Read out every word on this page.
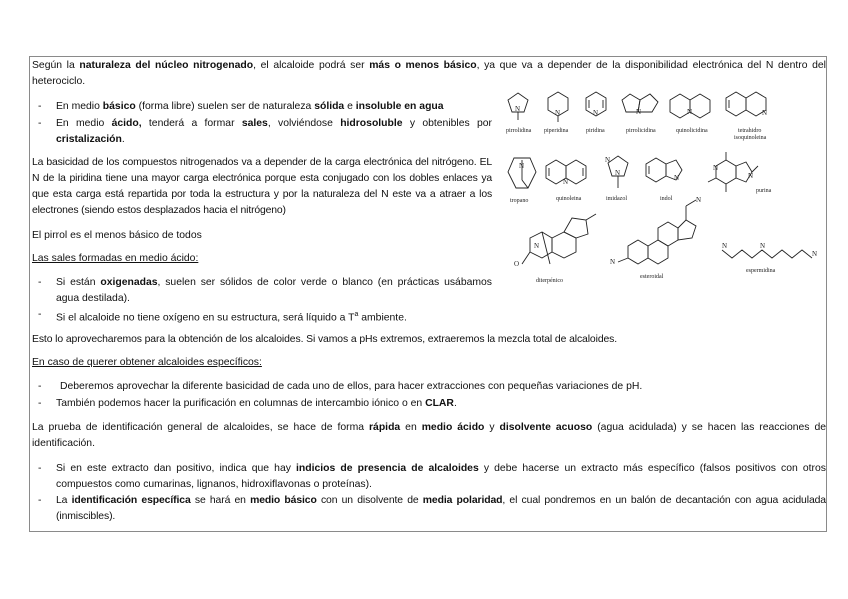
Según la naturaleza del núcleo nitrogenado, el alcaloide podrá ser más o menos básico, ya que va a depender de la disponibilidad electrónica del N dentro del heterociclo.

- En medio básico (forma libre) suelen ser de naturaleza sólida e insoluble en agua

- En medio ácido, tenderá a formar sales, volviéndose hidrosoluble y obtenibles por cristalización.

La basicidad de los compuestos nitrogenados va a depender de la carga electrónica del nitrógeno. EL N de la piridina tiene una mayor carga electrónica porque esta conjugado con los dobles enlaces ya que esta carga está repartida por toda la estructura y por la naturaleza del N este va a atraer a los electrones (siendo estos desplazados hacia el nitrógeno)

El pirrol es el menos básico de todos

Las sales formadas en medio ácido:

- Si están oxigenadas, suelen ser sólidos de color verde o blanco (en prácticas usábamos agua destilada).

- Si el alcaloide no tiene oxígeno en su estructura, será líquido a $T^a$ ambiente.

Esto lo aprovecharemos para la obtención de los alcaloides. Si vamos a pHs extremos, extraeremos la mezcla total de alcaloides.

En caso de querer obtener alcaloides específicos:

- Deberemos aprovechar la diferente basicidad de cada uno de ellos, para hacer extracciones con pequeñas variaciones de pH.

- También podemos hacer la purificación en columnas de intercambio iónico o en CLAR.

La prueba de identificación general de alcaloides, se hace de forma rápida en medio ácido y disolvente acuoso (agua acidulada) y se hacen las reacciones de identificación.

- Si en este extracto dan positivo, indica que hay indicios de presencia de alcaloides y debe hacerse un extracto más específico (falsos positivos con otros compuestos como cumarinas, lignanos, hidroxiflavonas o proteínas).

- La identificación específica se hará en medio básico con un disolvente de media polaridad, el cual pondremos en un balón de decantación con agua acidulada (inmiscibles).

N
pirrolidina
N
piperidina
N
piridina
N
pirrolicidina
N
quinolicidina
N
tetrahidro
isoquinoleina
N
tropano
N
quinoleina
N
N
imidazol
N
indol
N
N
purina
N
O
diterpénico
N
N
esteroidal
N	N
N
espermidina
